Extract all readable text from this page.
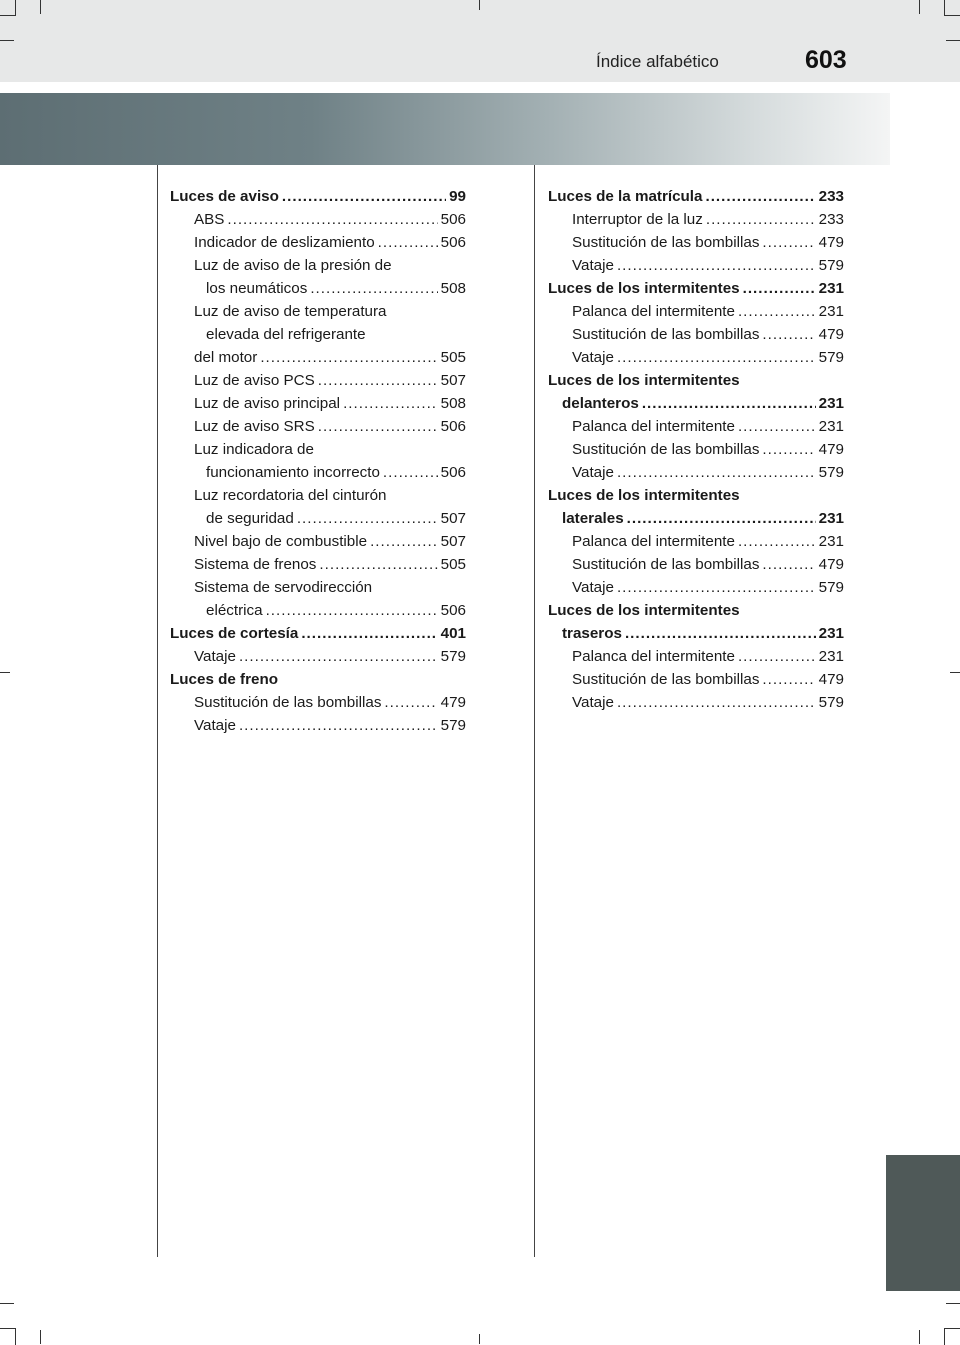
Índice alfabético	603
Luces de aviso .....	99
ABS .....	506
Indicador de deslizamiento .....	506
Luz de aviso de la presión de
los neumáticos .....	508
Luz de aviso de temperatura
elevada del refrigerante
del motor .....	505
Luz de aviso PCS .....	507
Luz de aviso principal .....	508
Luz de aviso SRS .....	506
Luz indicadora de
funcionamiento incorrecto .....	506
Luz recordatoria del cinturón
de seguridad .....	507
Nivel bajo de combustible .....	507
Sistema de frenos .....	505
Sistema de servodirección
eléctrica .....	506
Luces de cortesía .....	401
Vataje .....	579
Luces de freno
Sustitución de las bombillas .....	479
Vataje .....	579
Luces de la matrícula .....	233
Interruptor de la luz .....	233
Sustitución de las bombillas .....	479
Vataje .....	579
Luces de los intermitentes .....	231
Palanca del intermitente .....	231
Sustitución de las bombillas .....	479
Vataje .....	579
Luces de los intermitentes
delanteros .....	231
Palanca del intermitente .....	231
Sustitución de las bombillas .....	479
Vataje .....	579
Luces de los intermitentes
laterales .....	231
Palanca del intermitente .....	231
Sustitución de las bombillas .....	479
Vataje .....	579
Luces de los intermitentes
traseros .....	231
Palanca del intermitente .....	231
Sustitución de las bombillas .....	479
Vataje .....	579
